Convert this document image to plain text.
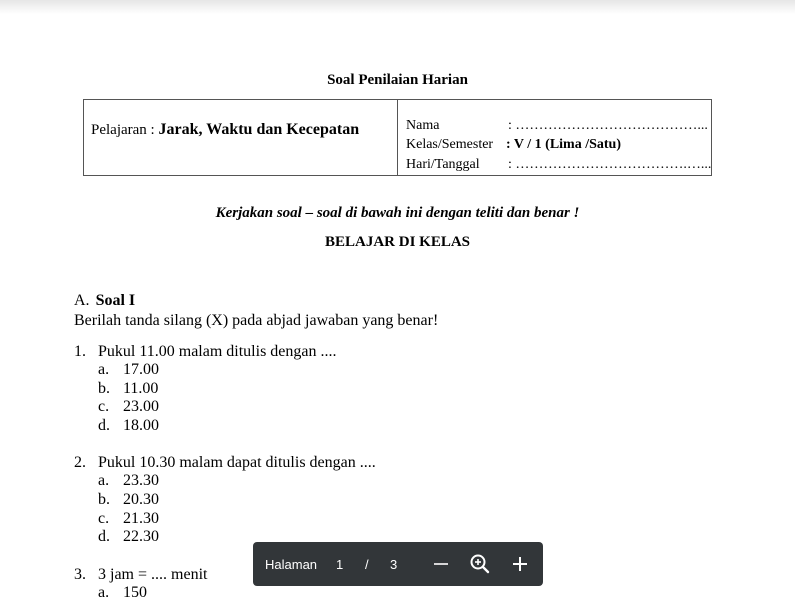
Soal Penilaian Harian
Pelajaran : Jarak, Waktu dan Kecepatan	Nama	: …………………………………...
Kelas/Semester : V / 1 (Lima /Satu)
Hari/Tanggal : ……………………………….…...
Kerjakan soal – soal di bawah ini dengan teliti dan benar !
BELAJAR DI KELAS
A. Soal I
Berilah tanda silang (X) pada abjad jawaban yang benar!
1. Pukul 11.00 malam ditulis dengan ....
a. 17.00
b. 11.00
c. 23.00
d. 18.00
2. Pukul 10.30 malam dapat ditulis dengan ....
a. 23.30
b. 20.30
c. 21.30
d. 22.30
3. 3 jam = .... menit
a. 150
Halaman 1 / 3
